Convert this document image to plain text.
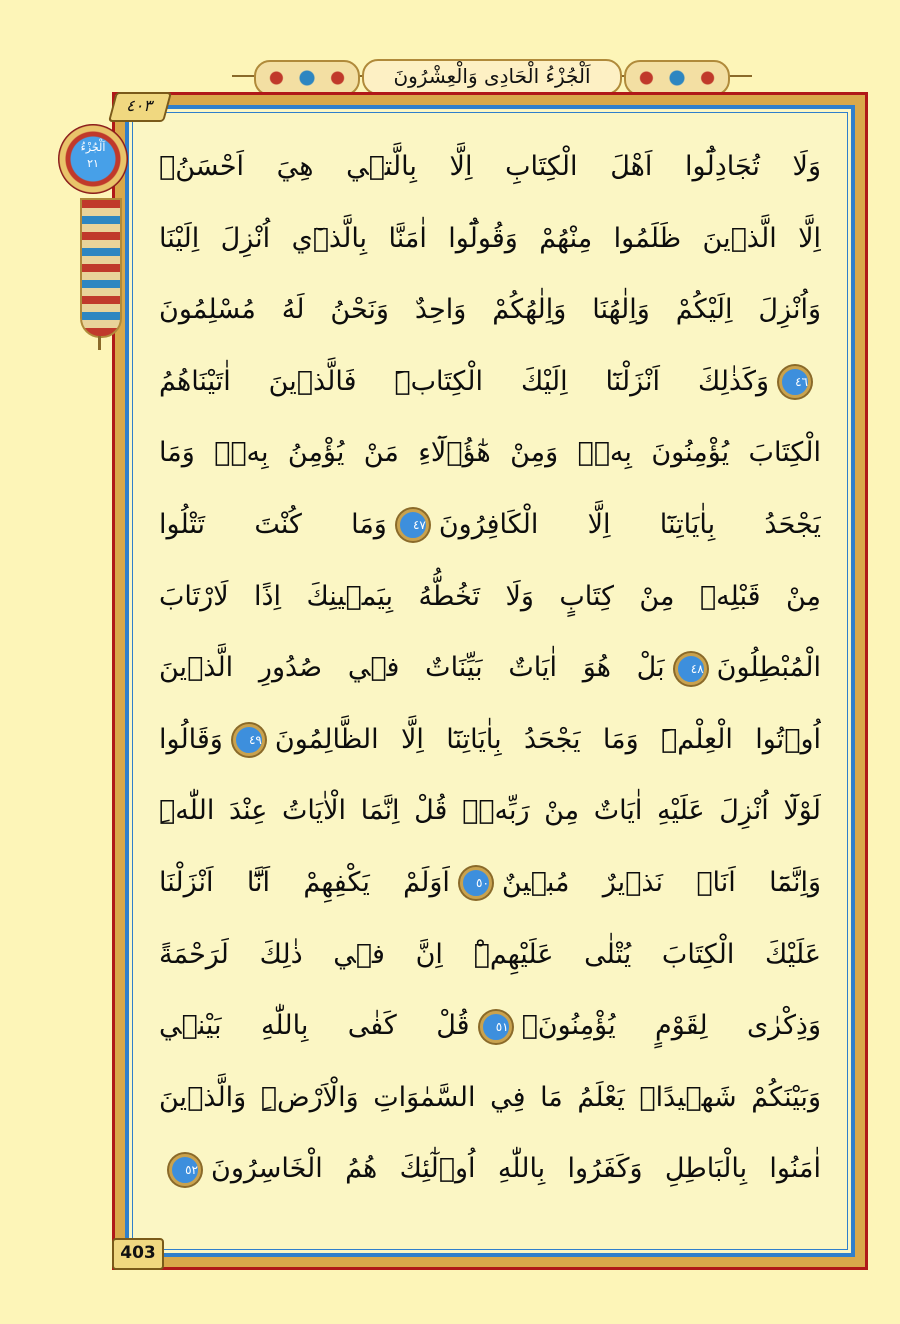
اَلْجُزْءُ الْحَادِى وَالْعِشْرُونَ
وَلَا تُجَادِلُٓوا اَهْلَ الْكِتَابِ اِلَّا بِالَّت۪ي هِيَ اَحْسَنُۗ
اِلَّا الَّذ۪ينَ ظَلَمُوا مِنْهُمْ وَقُولُٓوا اٰمَنَّا بِالَّذ۪ٓي اُنْزِلَ اِلَيْنَا
وَاُنْزِلَ اِلَيْكُمْ وَاِلٰهُنَا وَاِلٰهُكُمْ وَاحِدٌ وَنَحْنُ لَهُ مُسْلِمُونَ
٤٦وَكَذٰلِكَ اَنْزَلْنَٓا اِلَيْكَ الْكِتَابَۜ فَالَّذ۪ينَ اٰتَيْنَاهُمُ
الْكِتَابَ يُؤْمِنُونَ بِه۪ۚ وَمِنْ هٰٓؤُ۬لَٓاءِ مَنْ يُؤْمِنُ بِه۪ۜ وَمَا
يَجْحَدُ بِاٰيَاتِنَٓا اِلَّا الْكَافِرُونَ٤٧وَمَا كُنْتَ تَتْلُوا
مِنْ قَبْلِه۪ مِنْ كِتَابٍ وَلَا تَخُطُّهُ بِيَم۪ينِكَ اِذًا لَارْتَابَ
الْمُبْطِلُونَ٤٨بَلْ هُوَ اٰيَاتٌ بَيِّنَاتٌ ف۪ي صُدُورِ الَّذ۪ينَ
اُو۫تُوا الْعِلْمَۜ وَمَا يَجْحَدُ بِاٰيَاتِنَٓا اِلَّا الظَّالِمُونَ٤٩وَقَالُوا
لَوْلَٓا اُنْزِلَ عَلَيْهِ اٰيَاتٌ مِنْ رَبِّه۪ۜ قُلْ اِنَّمَا الْاٰيَاتُ عِنْدَ اللّٰهِۜ
وَاِنَّمَٓا اَنَا۬ نَذ۪يرٌ مُب۪ينٌ٥٠اَوَلَمْ يَكْفِهِمْ اَنَّٓا اَنْزَلْنَا
عَلَيْكَ الْكِتَابَ يُتْلٰى عَلَيْهِمْۜ اِنَّ ف۪ي ذٰلِكَ لَرَحْمَةً
وَذِكْرٰى لِقَوْمٍ يُؤْمِنُونَ۟٥١قُلْ كَفٰى بِاللّٰهِ بَيْن۪ي
وَبَيْنَكُمْ شَه۪يدًاۚ يَعْلَمُ مَا فِي السَّمٰوَاتِ وَالْاَرْضِۜ وَالَّذ۪ينَ
اٰمَنُوا بِالْبَاطِلِ وَكَفَرُوا بِاللّٰهِ اُو۬لٰٓئِكَ هُمُ الْخَاسِرُونَ٥٢
٤٠٣
403
اَلْجُزْءُ
٢١
